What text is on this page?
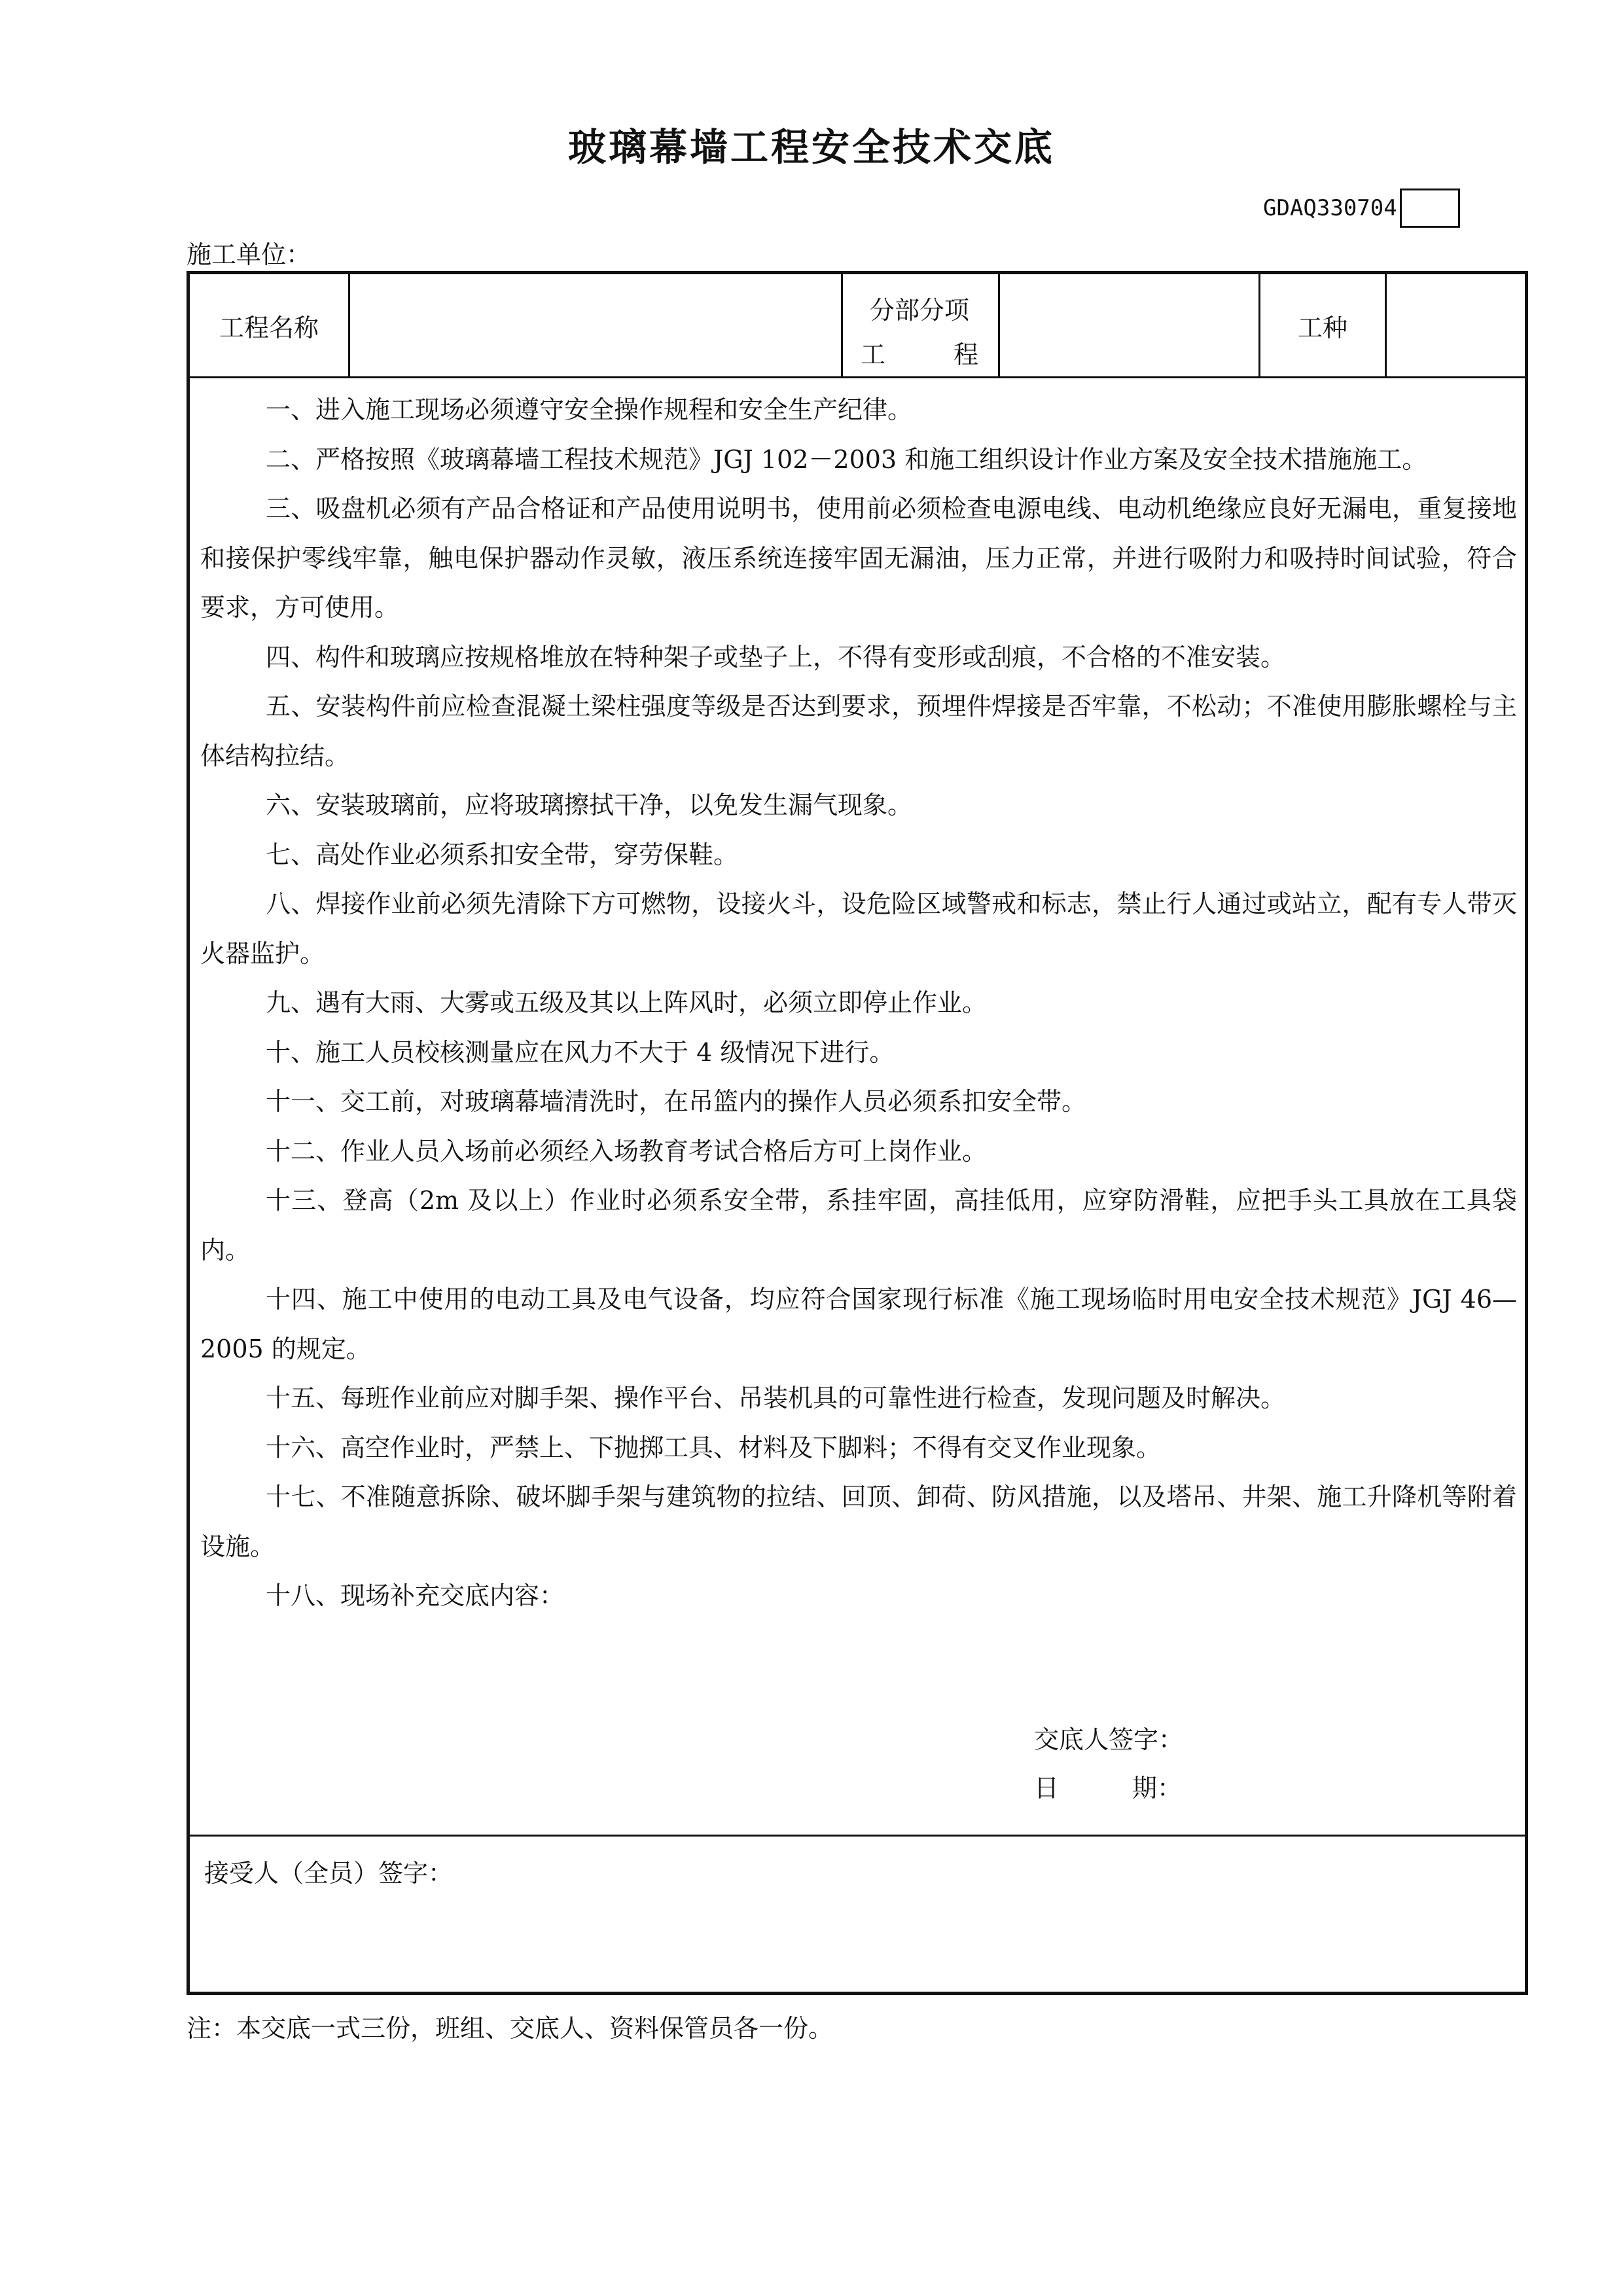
玻璃幕墙工程安全技术交底
GDAQ330704
施工单位：
工程名称
分部分项
工	程
工种

一、进入施工现场必须遵守安全操作规程和安全生产纪律。

二、严格按照《玻璃幕墙工程技术规范》JGJ 102－2003 和施工组织设计作业方案及安全技术措施施工。

三、吸盘机必须有产品合格证和产品使用说明书，使用前必须检查电源电线、电动机绝缘应良好无漏电，重复接地和接保护零线牢靠，触电保护器动作灵敏，液压系统连接牢固无漏油，压力正常，并进行吸附力和吸持时间试验，符合要求，方可使用。

四、构件和玻璃应按规格堆放在特种架子或垫子上，不得有变形或刮痕，不合格的不准安装。

五、安装构件前应检查混凝土梁柱强度等级是否达到要求，预埋件焊接是否牢靠，不松动；不准使用膨胀螺栓与主体结构拉结。

六、安装玻璃前，应将玻璃擦拭干净，以免发生漏气现象。

七、高处作业必须系扣安全带，穿劳保鞋。

八、焊接作业前必须先清除下方可燃物，设接火斗，设危险区域警戒和标志，禁止行人通过或站立，配有专人带灭火器监护。

九、遇有大雨、大雾或五级及其以上阵风时，必须立即停止作业。

十、施工人员校核测量应在风力不大于 4 级情况下进行。

十一、交工前，对玻璃幕墙清洗时，在吊篮内的操作人员必须系扣安全带。

十二、作业人员入场前必须经入场教育考试合格后方可上岗作业。

十三、登高（2m 及以上）作业时必须系安全带，系挂牢固，高挂低用，应穿防滑鞋，应把手头工具放在工具袋内。

十四、施工中使用的电动工具及电气设备，均应符合国家现行标准《施工现场临时用电安全技术规范》JGJ 46—2005 的规定。

十五、每班作业前应对脚手架、操作平台、吊装机具的可靠性进行检查，发现问题及时解决。

十六、高空作业时，严禁上、下抛掷工具、材料及下脚料；不得有交叉作业现象。

十七、不准随意拆除、破坏脚手架与建筑物的拉结、回顶、卸荷、防风措施，以及塔吊、井架、施工升降机等附着设施。

十八、现场补充交底内容：

交底人签字：
日	期：
接受人（全员）签字：
注：本交底一式三份，班组、交底人、资料保管员各一份。
